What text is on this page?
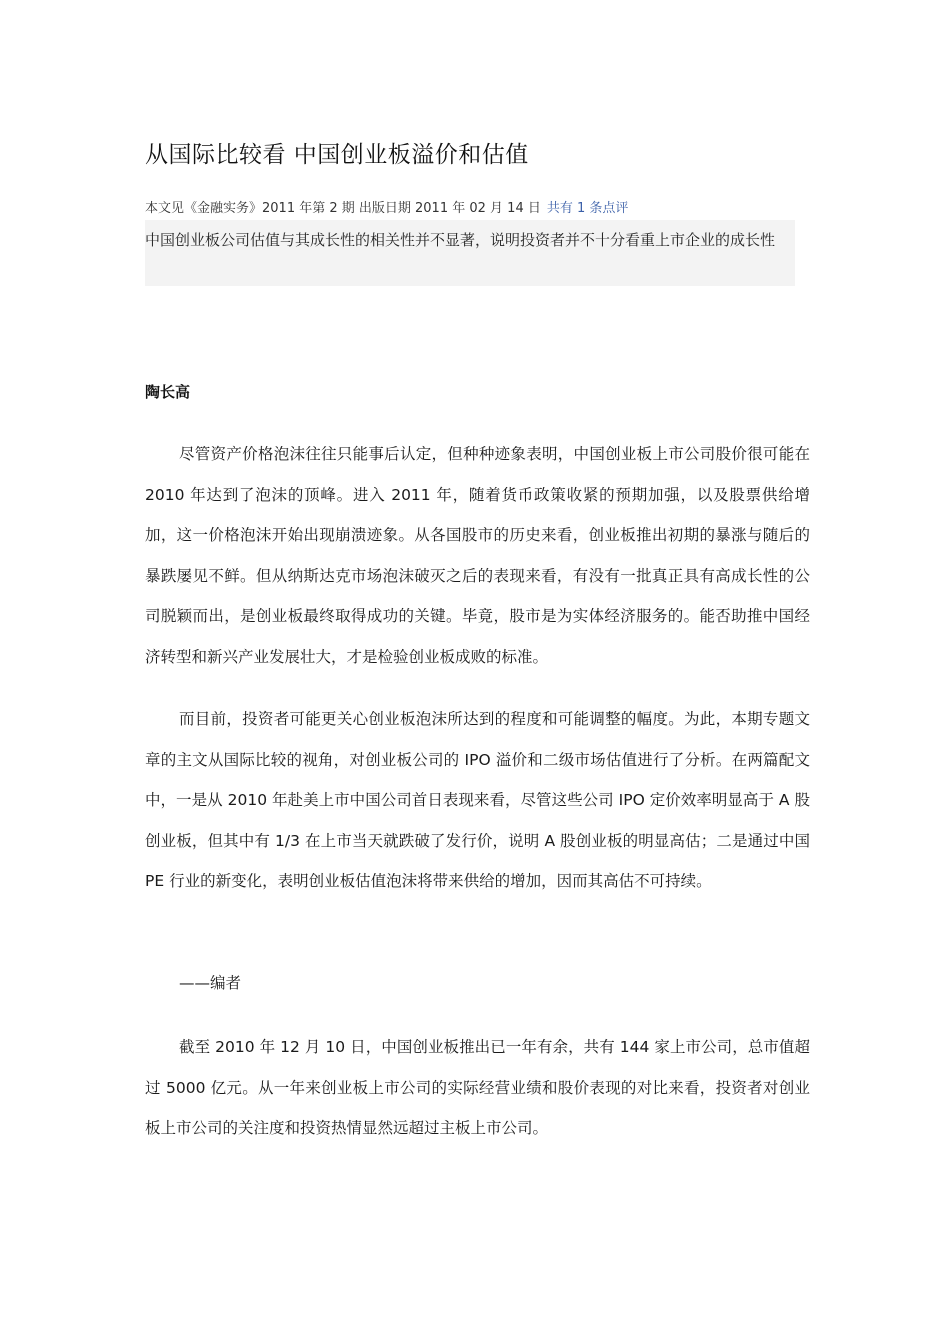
从国际比较看 中国创业板溢价和估值
本文见《金融实务》2011 年第 2 期 出版日期 2011 年 02 月 14 日 共有 1 条点评
中国创业板公司估值与其成长性的相关性并不显著，说明投资者并不十分看重上市企业的成长性
陶长高

尽管资产价格泡沫往往只能事后认定，但种种迹象表明，中国创业板上市公司股价很可能在 2010 年达到了泡沫的顶峰。进入 2011 年，随着货币政策收紧的预期加强，以及股票供给增加，这一价格泡沫开始出现崩溃迹象。从各国股市的历史来看，创业板推出初期的暴涨与随后的暴跌屡见不鲜。但从纳斯达克市场泡沫破灭之后的表现来看，有没有一批真正具有高成长性的公司脱颖而出，是创业板最终取得成功的关键。毕竟，股市是为实体经济服务的。能否助推中国经济转型和新兴产业发展壮大，才是检验创业板成败的标准。

而目前，投资者可能更关心创业板泡沫所达到的程度和可能调整的幅度。为此，本期专题文章的主文从国际比较的视角，对创业板公司的 IPO 溢价和二级市场估值进行了分析。在两篇配文中，一是从 2010 年赴美上市中国公司首日表现来看，尽管这些公司 IPO 定价效率明显高于 A 股创业板，但其中有 1/3 在上市当天就跌破了发行价，说明 A 股创业板的明显高估；二是通过中国 PE 行业的新变化，表明创业板估值泡沫将带来供给的增加，因而其高估不可持续。

——编者

截至 2010 年 12 月 10 日，中国创业板推出已一年有余，共有 144 家上市公司，总市值超过 5000 亿元。从一年来创业板上市公司的实际经营业绩和股价表现的对比来看，投资者对创业板上市公司的关注度和投资热情显然远超过主板上市公司。
